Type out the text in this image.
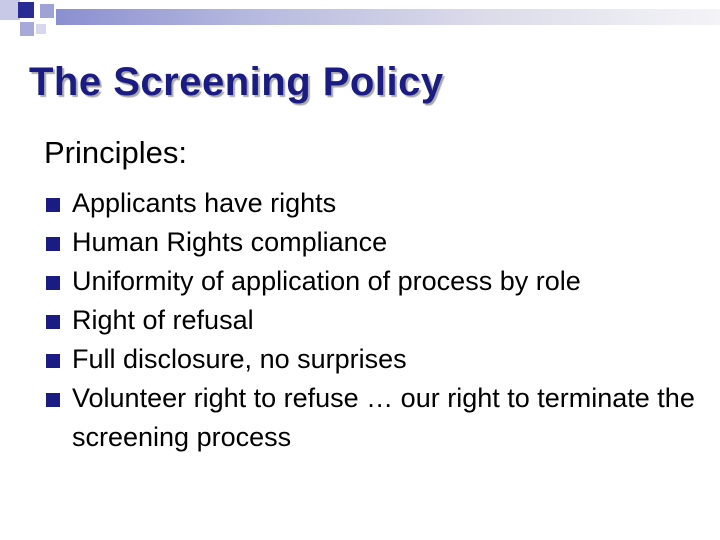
The Screening Policy
Principles:
Applicants have rights
Human Rights compliance
Uniformity of application of process by role
Right of refusal
Full disclosure, no surprises
Volunteer right to refuse … our right to terminate the screening process
